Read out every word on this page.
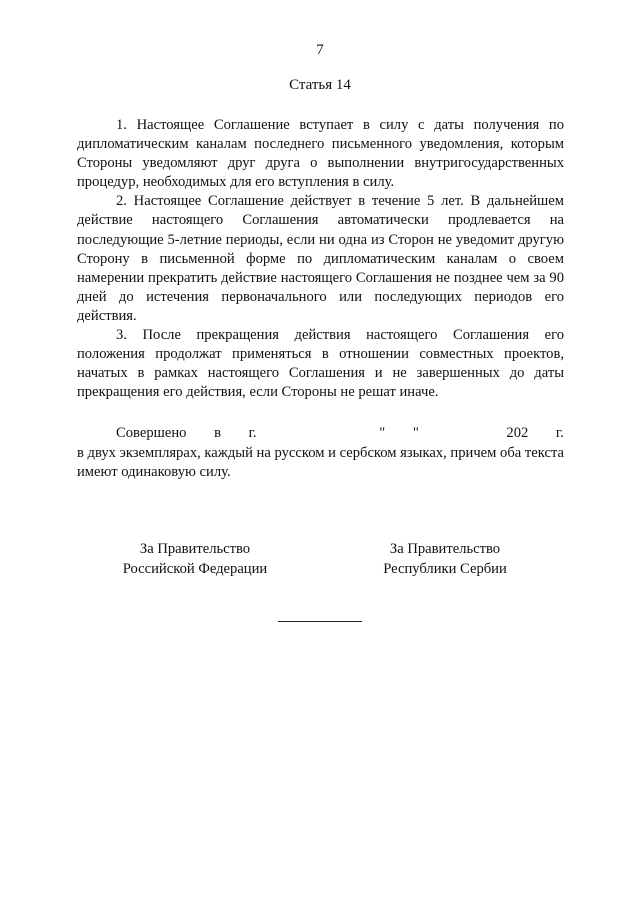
7
Статья 14

1. Настоящее Соглашение вступает в силу с даты получения по дипломатическим каналам последнего письменного уведомления, которым Стороны уведомляют друг друга о выполнении внутригосударственных процедур, необходимых для его вступления в силу.

2. Настоящее Соглашение действует в течение 5 лет. В дальнейшем действие настоящего Соглашения автоматически продлевается на последующие 5-летние периоды, если ни одна из Сторон не уведомит другую Сторону в письменной форме по дипломатическим каналам о своем намерении прекратить действие настоящего Соглашения не позднее чем за 90 дней до истечения первоначального или последующих периодов его действия.

3. После прекращения действия настоящего Соглашения его положения продолжат применяться в отношении совместных проектов, начатых в рамках настоящего Соглашения и не завершенных до даты прекращения его действия, если Стороны не решат иначе.

Совершено в г.	" "	202 г.

в двух экземплярах, каждый на русском и сербском языках, причем оба текста имеют одинаковую силу.

За Правительство
Российской Федерации
За Правительство
Республики Сербии
